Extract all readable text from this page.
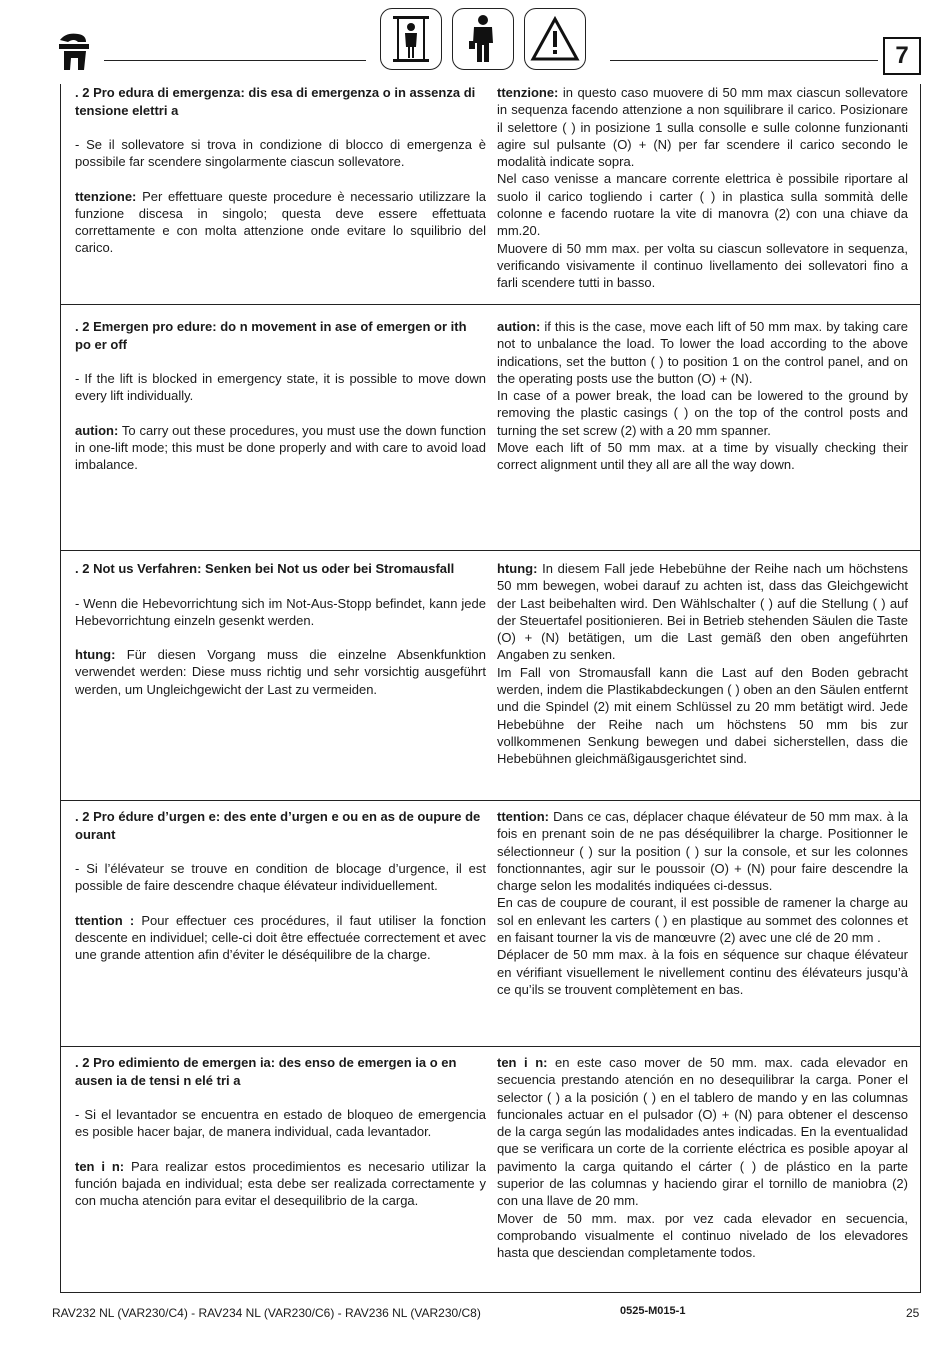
7

. 2 Pro edura di emergenza: dis esa di emergenza o in assenza di tensione elettri a

- Se il sollevatore si trova in condizione di blocco di emergenza è possibile far scendere singolarmente ciascun sollevatore.

ttenzione: Per effettuare queste procedure è necessario utilizzare la funzione discesa in singolo; questa deve essere effettuata correttamente e con molta attenzione onde evitare lo squilibrio del carico.

ttenzione: in questo caso muovere di 50 mm max ciascun sollevatore in sequenza facendo attenzione a non squilibrare il carico. Posizionare il selettore ( ) in posizione 1 sulla consolle e sulle colonne funzionanti agire sul pulsante (O) + (N) per far scendere il carico secondo le modalità indicate sopra.

Nel caso venisse a mancare corrente elettrica è possibile riportare al suolo il carico togliendo i carter ( ) in plastica sulla sommità delle colonne e facendo ruotare la vite di manovra (2) con una chiave da mm.20.

Muovere di 50 mm max. per volta su ciascun sollevatore in sequenza, verificando visivamente il continuo livellamento dei sollevatori fino a farli scendere tutti in basso.

. 2 Emergen pro edure: do n movement in ase of emergen or ith po er off

- If the lift is blocked in emergency state, it is possible to move down every lift individually.

aution: To carry out these procedures, you must use the down function in one-lift mode; this must be done properly and with care to avoid load imbalance.

aution: if this is the case, move each lift of 50 mm max. by taking care not to unbalance the load. To lower the load according to the above indications, set the button ( ) to position 1 on the control panel, and on the operating posts use the button (O) + (N).

In case of a power break, the load can be lowered to the ground by removing the plastic casings ( ) on the top of the control posts and turning the set screw (2) with a 20 mm spanner.

Move each lift of 50 mm max. at a time by visually checking their correct alignment until they all are all the way down.

. 2 Not us Verfahren: Senken bei Not us oder bei Stromausfall

- Wenn die Hebevorrichtung sich im Not-Aus-Stopp befindet, kann jede Hebevorrichtung einzeln gesenkt werden.

htung: Für diesen Vorgang muss die einzelne Absenkfunktion verwendet werden: Diese muss richtig und sehr vorsichtig ausgeführt werden, um Ungleichgewicht der Last zu vermeiden.

htung: In diesem Fall jede Hebebühne der Reihe nach um höchstens 50 mm bewegen, wobei darauf zu achten ist, dass das Gleichgewicht der Last beibehalten wird. Den Wählschalter ( ) auf die Stellung ( ) auf der Steuertafel positionieren. Bei in Betrieb stehenden Säulen die Taste (O) + (N) betätigen, um die Last gemäß den oben angeführten Angaben zu senken.

Im Fall von Stromausfall kann die Last auf den Boden gebracht werden, indem die Plastikabdeckungen ( ) oben an den Säulen entfernt und die Spindel (2) mit einem Schlüssel zu 20 mm betätigt wird. Jede Hebebühne der Reihe nach um höchstens 50 mm bis zur vollkommenen Senkung bewegen und dabei sicherstellen, dass die Hebebühnen gleichmäßigausgerichtet sind.

. 2 Pro édure d’urgen e: des ente d’urgen e ou en as de oupure de ourant

- Si l’élévateur se trouve en condition de blocage d’urgence, il est possible de faire descendre chaque élévateur individuellement.

ttention : Pour effectuer ces procédures, il faut utiliser la fonction descente en individuel; celle-ci doit être effectuée correctement et avec une grande attention afin d’éviter le déséquilibre de la charge.

ttention: Dans ce cas, déplacer chaque élévateur de 50 mm max. à la fois en prenant soin de ne pas déséquilibrer la charge. Positionner le sélectionneur ( ) sur la position ( ) sur la console, et sur les colonnes fonctionnantes, agir sur le poussoir (O) + (N) pour faire descendre la charge selon les modalités indiquées ci-dessus.

En cas de coupure de courant, il est possible de ramener la charge au sol en enlevant les carters ( ) en plastique au sommet des colonnes et en faisant tourner la vis de manœuvre (2) avec une clé de 20 mm .

Déplacer de 50 mm max. à la fois en séquence sur chaque élévateur en vérifiant visuellement le nivellement continu des élévateurs jusqu’à ce qu’ils se trouvent complètement en bas.

. 2 Pro edimiento de emergen ia: des enso de emergen ia o en ausen ia de tensi n elé tri a

- Si el levantador se encuentra en estado de bloqueo de emergencia es posible hacer bajar, de manera individual, cada levantador.

ten i n: Para realizar estos procedimientos es necesario utilizar la función bajada en individual; esta debe ser realizada correctamente y con mucha atención para evitar el desequilibrio de la carga.

ten i n: en este caso mover de 50 mm. max. cada elevador en secuencia prestando atención en no desequilibrar la carga. Poner el selector ( ) a la posición ( ) en el tablero de mando y en las columnas funcionales actuar en el pulsador (O) + (N) para obtener el descenso de la carga según las modalidades antes indicadas. En la eventualidad que se verificara un corte de la corriente eléctrica es posible apoyar al pavimento la carga quitando el cárter ( ) de plástico en la parte superior de las columnas y haciendo girar el tornillo de maniobra (2) con una llave de 20 mm.

Mover de 50 mm. max. por vez cada elevador en secuencia, comprobando visualmente el continuo nivelado de los elevadores hasta que desciendan completamente todos.

RAV232 NL (VAR230/C4) - RAV234 NL (VAR230/C6) - RAV236 NL (VAR230/C8)	0525-M015-1	25
